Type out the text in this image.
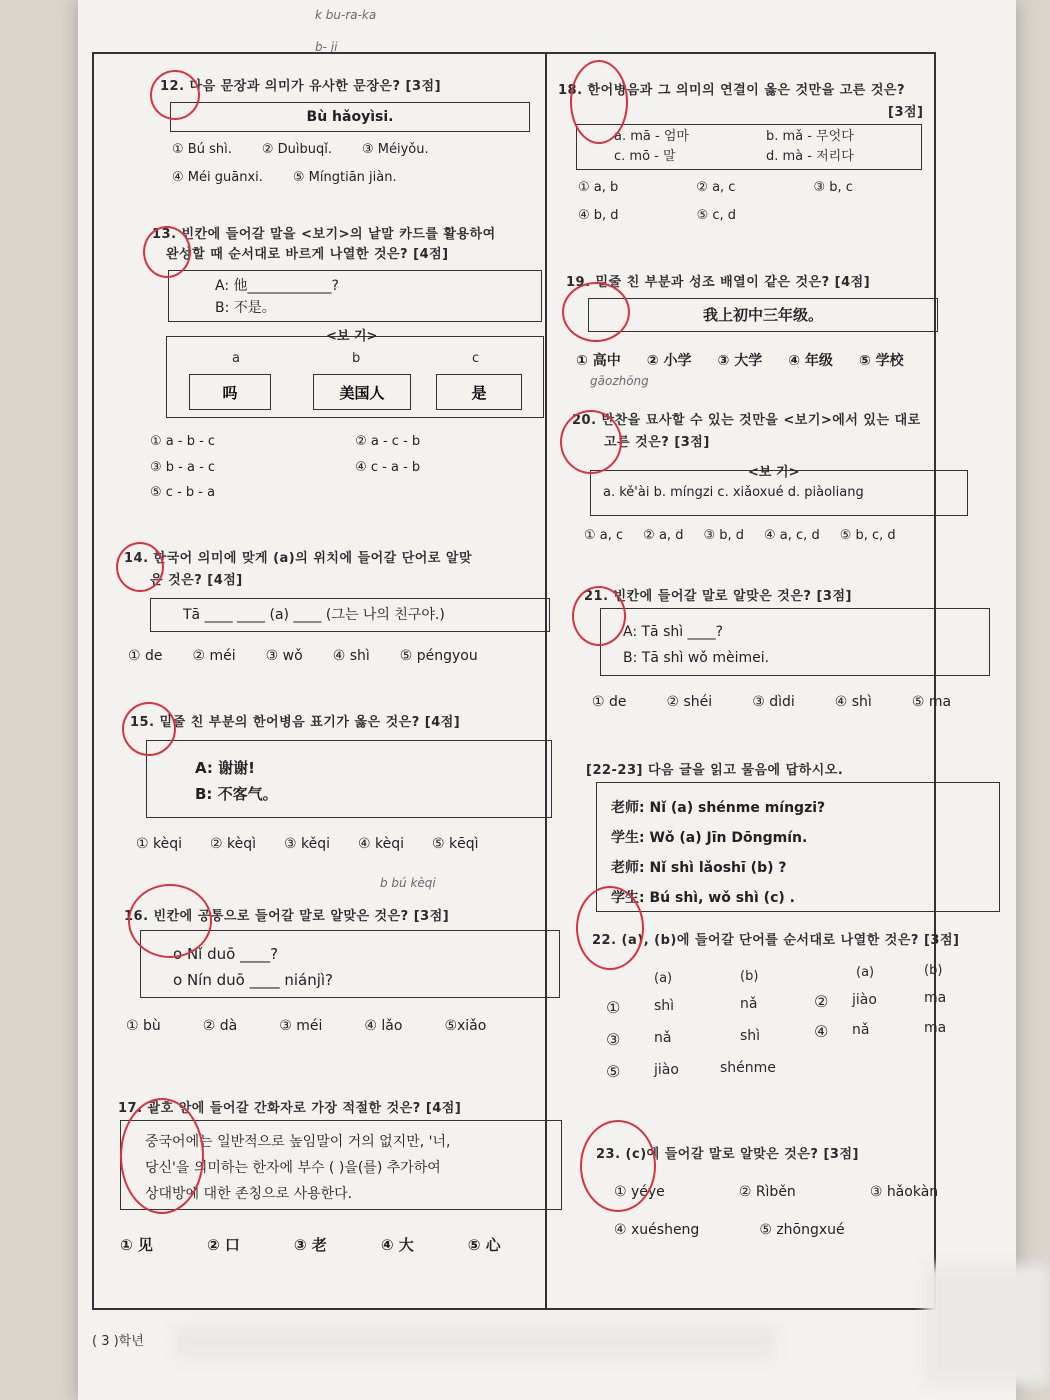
k bu-ra-ka
b- ji
12. 다음 문장과 의미가 유사한 문장은? [3점]
Bù hǎoyìsi.
① Bú shì. ② Duìbuqǐ. ③ Méiyǒu.
④ Méi guānxi. ⑤ Míngtiān jiàn.
13. 빈칸에 들어갈 말을 <보기>의 낱말 카드를 활용하여
완성할 때 순서대로 바르게 나열한 것은? [4점]
A: 他____________?
B: 不是。
<보 기>
a	b	c
吗	美国人	是
① a - b - c	② a - c - b
③ b - a - c	④ c - a - b
⑤ c - b - a
14. 한국어 의미에 맞게 (a)의 위치에 들어갈 단어로 알맞
은 것은? [4점]
Tā ____ ____ (a) ____ (그는 나의 친구야.)
① de ② méi ③ wǒ ④ shì ⑤ péngyou
15. 밑줄 친 부분의 한어병음 표기가 옳은 것은? [4점]
A: 谢谢!
B: 不客气。
① kèqi ② kèqì ③ kěqi ④ kèqi ⑤ kēqì
b bú kèqi
16. 빈칸에 공통으로 들어갈 말로 알맞은 것은? [3점]
o Nǐ duō ____?
o Nín duō ____ niánjì?
① bù	② dà	③ méi	④ lǎo	⑤xiǎo
17. 괄호 안에 들어갈 간화자로 가장 적절한 것은? [4점]
중국어에는 일반적으로 높임말이 거의 없지만, '너,
당신'을 의미하는 한자에 부수 ( )을(를) 추가하여
상대방에 대한 존칭으로 사용한다.
① 见	② 口	③ 老	④ 大	⑤ 心
18. 한어병음과 그 의미의 연결이 옳은 것만을 고른 것은?
[3점]
a. mā - 엄마	b. mǎ - 무엇다
c. mō - 말	d. mà - 저리다
① a, b	② a, c	③ b, c
④ b, d	⑤ c, d
19. 밑줄 친 부분과 성조 배열이 같은 것은? [4점]
我上初中三年级。
① 高中 ② 小学 ③ 大学 ④ 年级 ⑤ 学校
gāozhōng
20. 반찬을 묘사할 수 있는 것만을 <보기>에서 있는 대로
고른 것은? [3점]
<보 기>
a. kě'ài b. míngzi c. xiǎoxué d. piàoliang
① a, c ② a, d ③ b, d ④ a, c, d ⑤ b, c, d
21. 빈칸에 들어갈 말로 알맞은 것은? [3점]
A: Tā shì ____?
B: Tā shì wǒ mèimei.
① de	② shéi	③ dìdi	④ shì	⑤ ma
[22-23] 다음 글을 읽고 물음에 답하시오.
老师: Nǐ (a) shénme míngzi?
学生: Wǒ (a) Jīn Dōngmín.
老师: Nǐ shì lǎoshī (b) ?
学生: Bú shì, wǒ shì (c) .
22. (a), (b)에 들어갈 단어를 순서대로 나열한 것은? [3점]
(a)	(b)	(a)	(b)
① shì	nǎ	② jiào	ma
③ nǎ	shì	④ nǎ	ma
⑤ jiào	shénme
23. (c)에 들어갈 말로 알맞은 것은? [3점]
① yéye	② Rìběn	③ hǎokàn
④ xuésheng	⑤ zhōngxué
( 3 )학년
